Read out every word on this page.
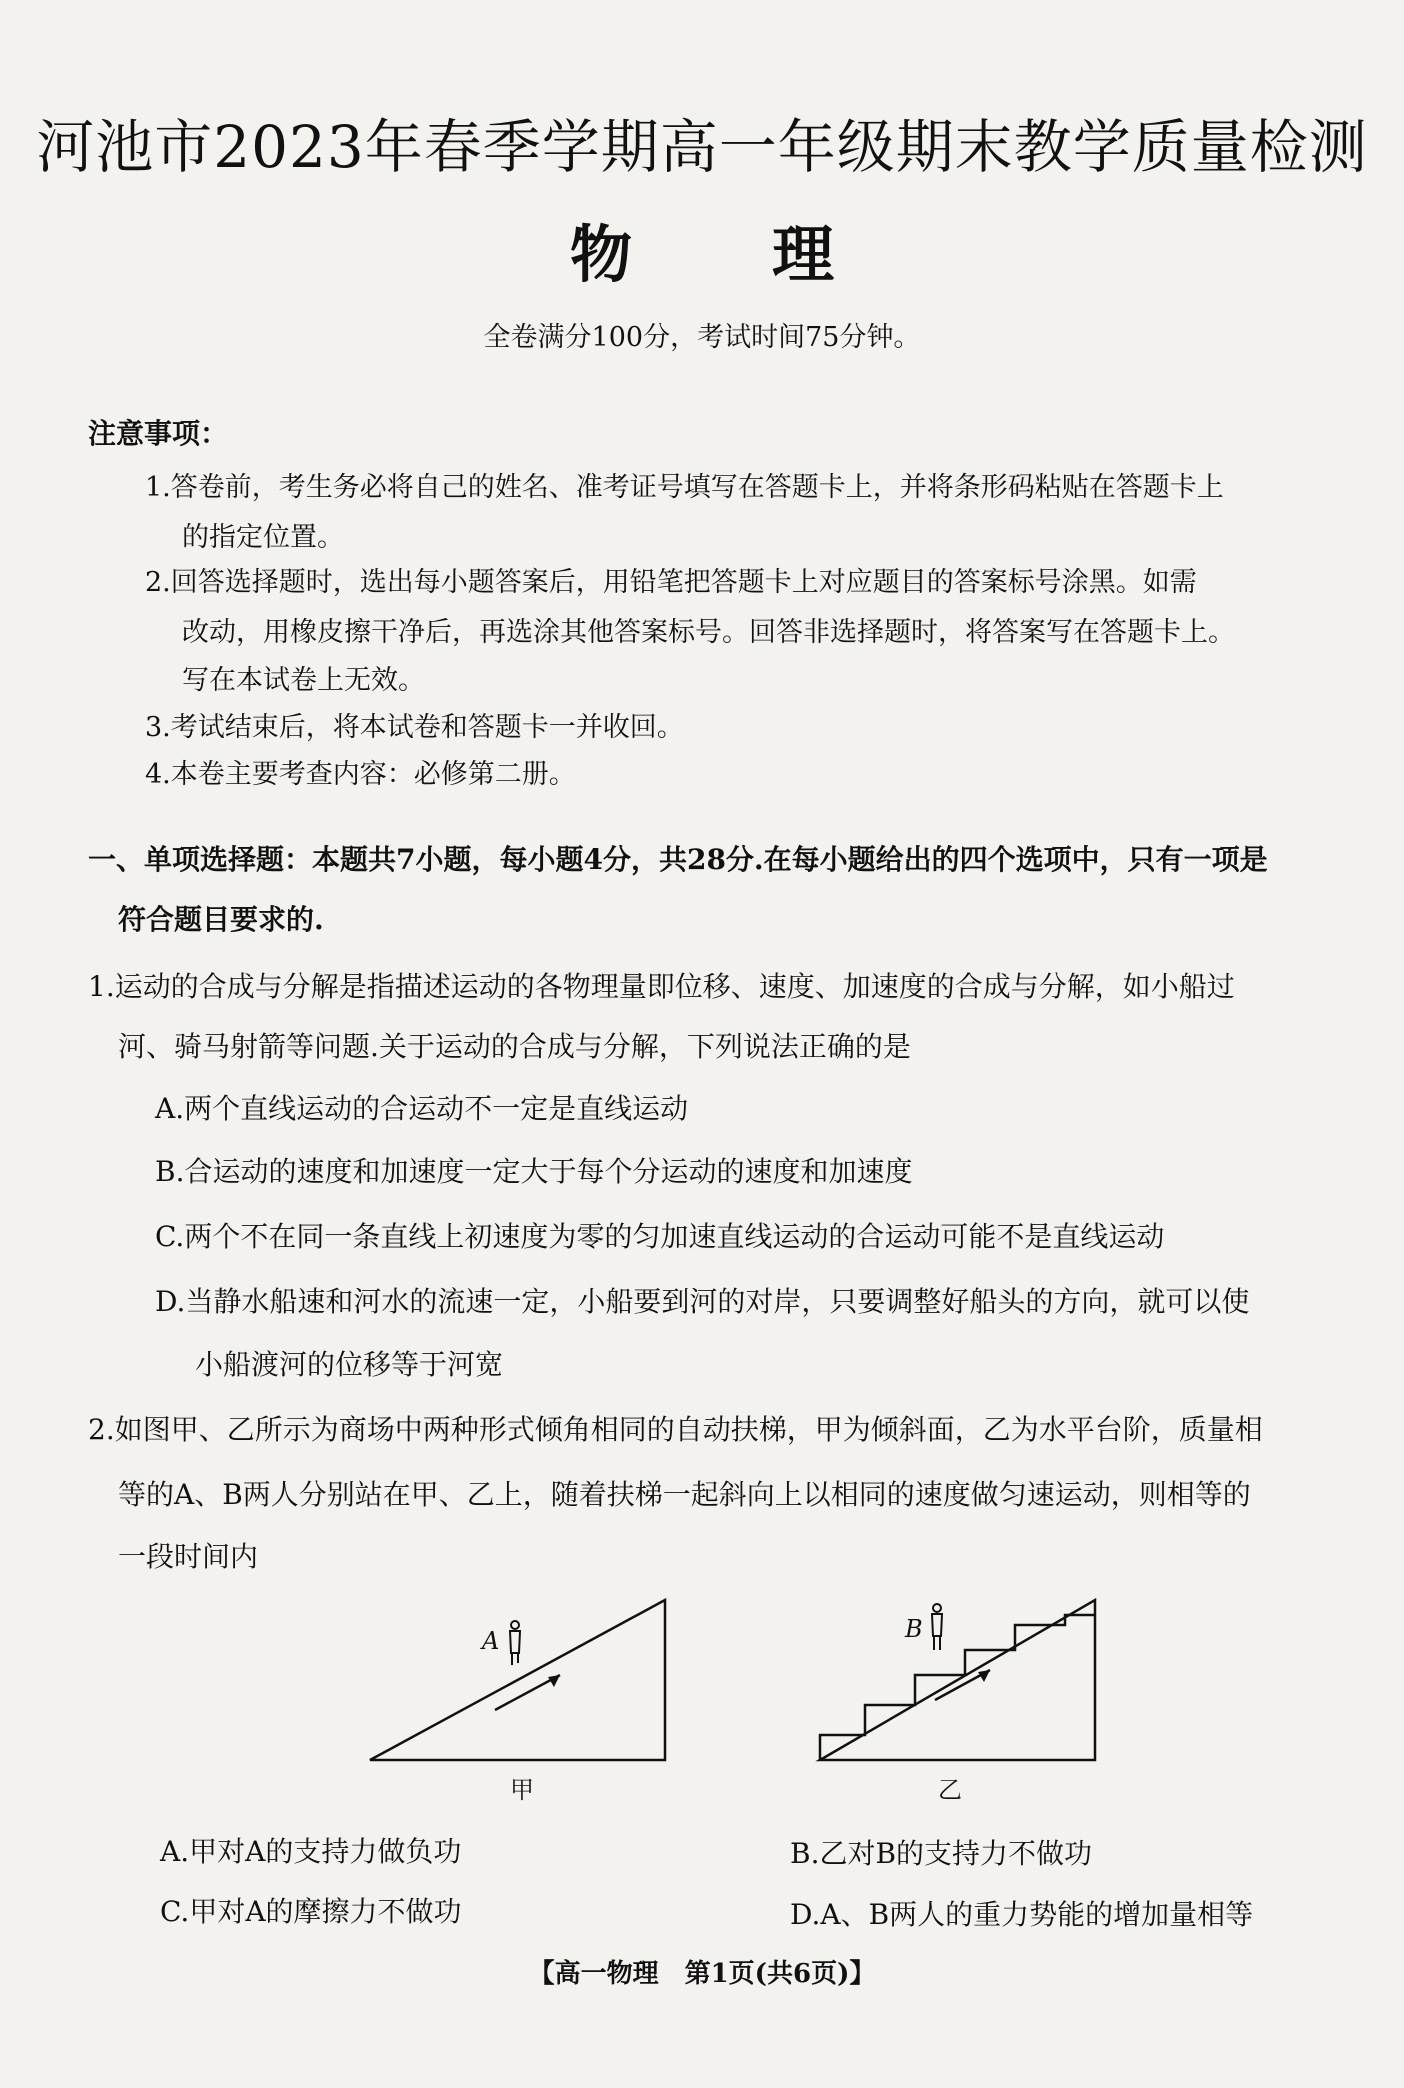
河池市2023年春季学期高一年级期末教学质量检测
物理
全卷满分100分，考试时间75分钟。
注意事项：
1.答卷前，考生务必将自己的姓名、准考证号填写在答题卡上，并将条形码粘贴在答题卡上
的指定位置。
2.回答选择题时，选出每小题答案后，用铅笔把答题卡上对应题目的答案标号涂黑。如需
改动，用橡皮擦干净后，再选涂其他答案标号。回答非选择题时，将答案写在答题卡上。
写在本试卷上无效。
3.考试结束后，将本试卷和答题卡一并收回。
4.本卷主要考查内容：必修第二册。
一、单项选择题：本题共7小题，每小题4分，共28分.在每小题给出的四个选项中，只有一项是
符合题目要求的.
1.运动的合成与分解是指描述运动的各物理量即位移、速度、加速度的合成与分解，如小船过
河、骑马射箭等问题.关于运动的合成与分解，下列说法正确的是
A.两个直线运动的合运动不一定是直线运动
B.合运动的速度和加速度一定大于每个分运动的速度和加速度
C.两个不在同一条直线上初速度为零的匀加速直线运动的合运动可能不是直线运动
D.当静水船速和河水的流速一定，小船要到河的对岸，只要调整好船头的方向，就可以使
小船渡河的位移等于河宽
2.如图甲、乙所示为商场中两种形式倾角相同的自动扶梯，甲为倾斜面，乙为水平台阶，质量相
等的A、B两人分别站在甲、乙上，随着扶梯一起斜向上以相同的速度做匀速运动，则相等的
一段时间内
A
甲
B
乙
A.甲对A的支持力做负功	B.乙对B的支持力不做功
C.甲对A的摩擦力不做功	D.A、B两人的重力势能的增加量相等
【高一物理　第1页(共6页)】
